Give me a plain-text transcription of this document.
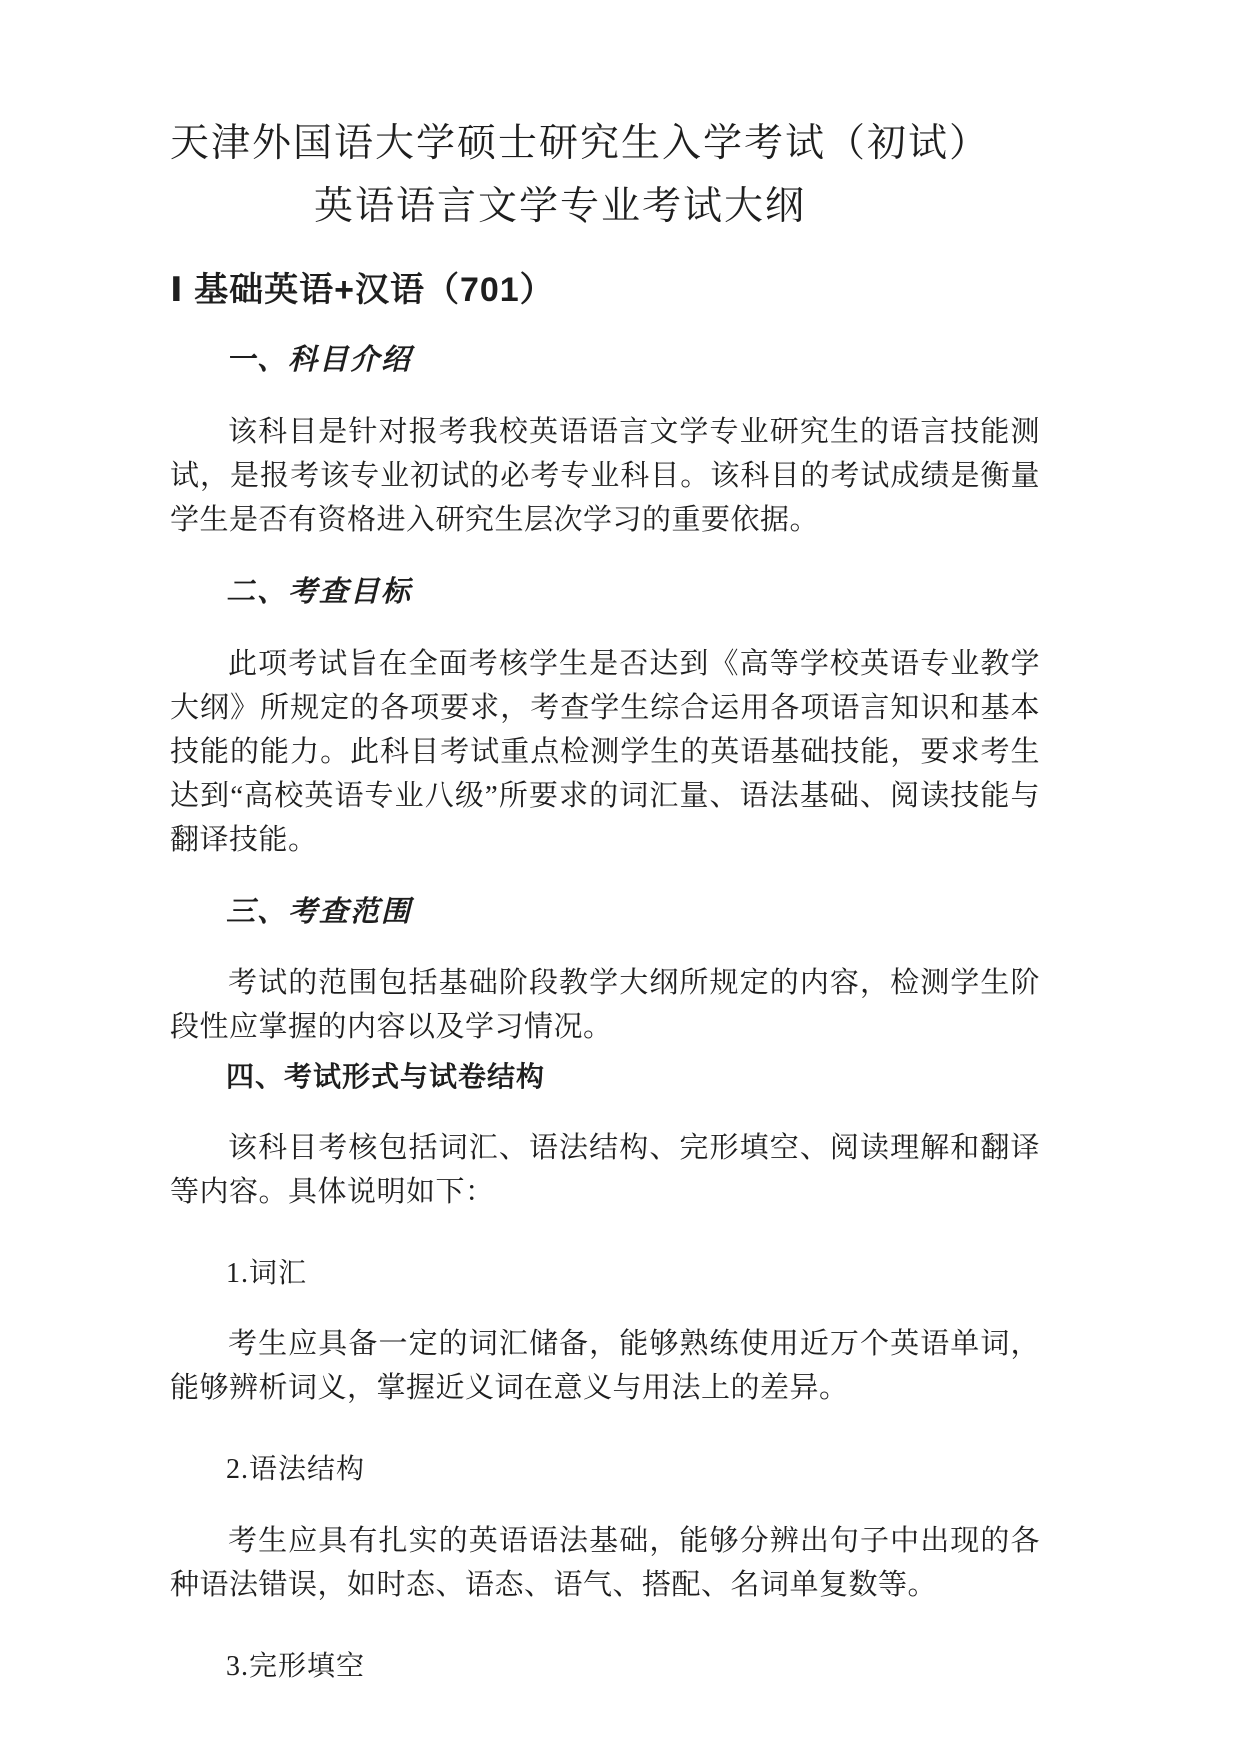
天津外国语大学硕士研究生入学考试（初试）
英语语言文学专业考试大纲
Ⅰ 基础英语+汉语（701）
一、科目介绍

该科目是针对报考我校英语语言文学专业研究生的语言技能测试，是报考该专业初试的必考专业科目。该科目的考试成绩是衡量学生是否有资格进入研究生层次学习的重要依据。

二、考查目标

此项考试旨在全面考核学生是否达到《高等学校英语专业教学大纲》所规定的各项要求，考查学生综合运用各项语言知识和基本技能的能力。此科目考试重点检测学生的英语基础技能，要求考生达到“高校英语专业八级”所要求的词汇量、语法基础、阅读技能与翻译技能。

三、考查范围

考试的范围包括基础阶段教学大纲所规定的内容，检测学生阶段性应掌握的内容以及学习情况。

四、考试形式与试卷结构

该科目考核包括词汇、语法结构、完形填空、阅读理解和翻译等内容。具体说明如下：

1.词汇

考生应具备一定的词汇储备，能够熟练使用近万个英语单词，能够辨析词义，掌握近义词在意义与用法上的差异。

2.语法结构

考生应具有扎实的英语语法基础，能够分辨出句子中出现的各种语法错误，如时态、语态、语气、搭配、名词单复数等。

3.完形填空
